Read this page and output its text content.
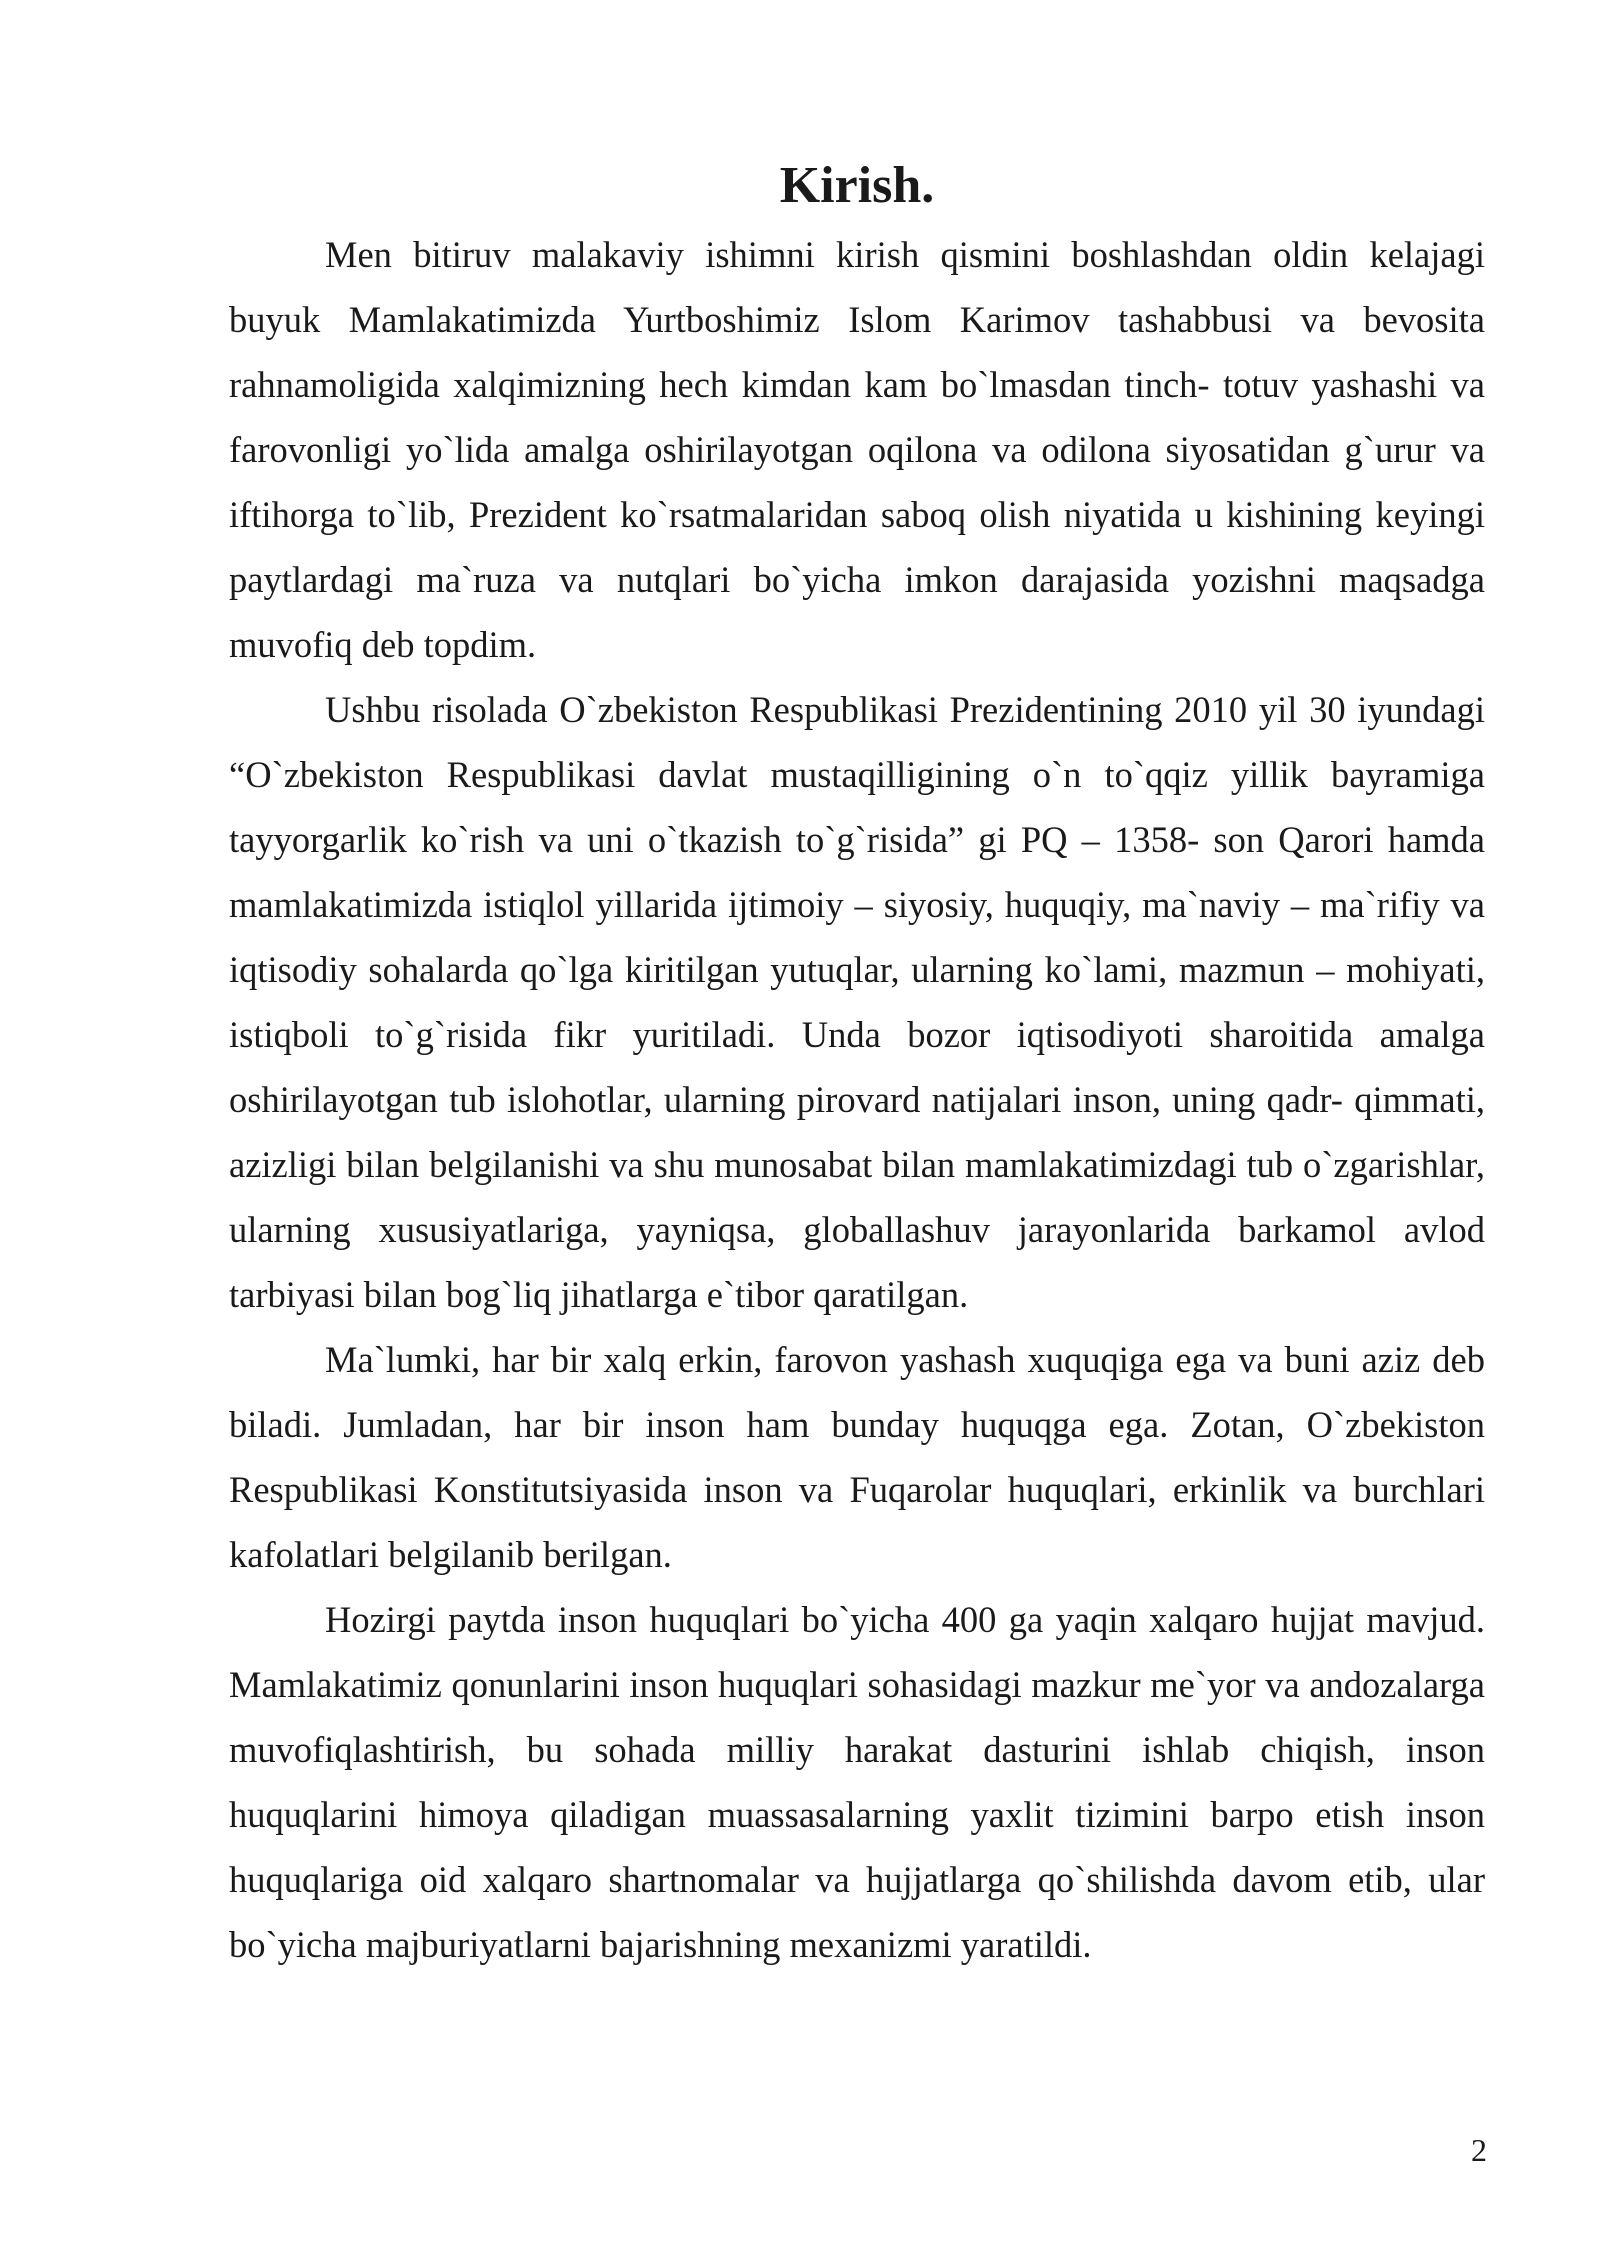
Kirish.

Men bitiruv malakaviy ishimni kirish qismini boshlashdan oldin kelajagi buyuk Mamlakatimizda Yurtboshimiz Islom Karimov tashabbusi va bevosita rahnamoligida xalqimizning hech kimdan kam bo`lmasdan tinch- totuv yashashi va farovonligi yo`lida amalga oshirilayotgan oqilona va odilona siyosatidan g`urur va iftihorga to`lib, Prezident ko`rsatmalaridan saboq olish niyatida u kishining keyingi paytlardagi ma`ruza va nutqlari bo`yicha imkon darajasida yozishni maqsadga muvofiq deb topdim.

Ushbu risolada O`zbekiston Respublikasi Prezidentining 2010 yil 30 iyundagi “O`zbekiston Respublikasi davlat mustaqilligining o`n to`qqiz yillik bayramiga tayyorgarlik ko`rish va uni o`tkazish to`g`risida” gi PQ – 1358- son Qarori hamda mamlakatimizda istiqlol yillarida ijtimoiy – siyosiy, huquqiy, ma`naviy – ma`rifiy va iqtisodiy sohalarda qo`lga kiritilgan yutuqlar, ularning ko`lami, mazmun – mohiyati, istiqboli to`g`risida fikr yuritiladi. Unda bozor iqtisodiyoti sharoitida amalga oshirilayotgan tub islohotlar, ularning pirovard natijalari inson, uning qadr- qimmati, azizligi bilan belgilanishi va shu munosabat bilan mamlakatimizdagi tub o`zgarishlar, ularning xususiyatlariga, yayniqsa, globallashuv jarayonlarida barkamol avlod tarbiyasi bilan bog`liq jihatlarga e`tibor qaratilgan.

Ma`lumki, har bir xalq erkin, farovon yashash xuquqiga ega va buni aziz deb biladi. Jumladan, har bir inson ham bunday huquqga ega. Zotan, O`zbekiston Respublikasi Konstitutsiyasida inson va Fuqarolar huquqlari, erkinlik va burchlari kafolatlari belgilanib berilgan.

Hozirgi paytda inson huquqlari bo`yicha 400 ga yaqin xalqaro hujjat mavjud. Mamlakatimiz qonunlarini inson huquqlari sohasidagi mazkur me`yor va andozalarga muvofiqlashtirish, bu sohada milliy harakat dasturini ishlab chiqish, inson huquqlarini himoya qiladigan muassasalarning yaxlit tizimini barpo etish inson huquqlariga oid xalqaro shartnomalar va hujjatlarga qo`shilishda davom etib, ular bo`yicha majburiyatlarni bajarishning mexanizmi yaratildi.

2
